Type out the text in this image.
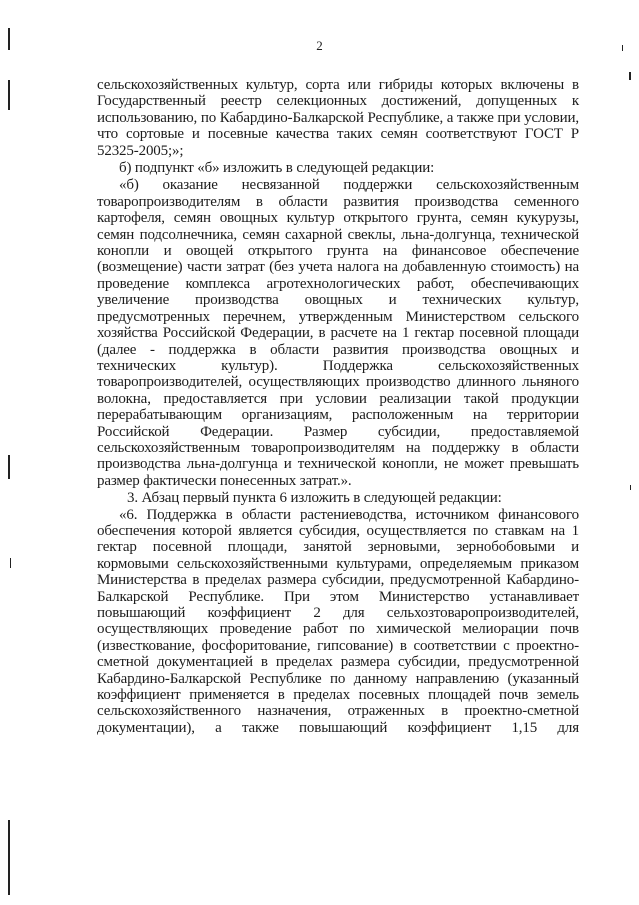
2

сельскохозяйственных культур, сорта или гибриды которых включены в Государственный реестр селекционных достижений, допущенных к использованию, по Кабардино-Балкарской Республике, а также при условии, что сортовые и посевные качества таких семян соответствуют ГОСТ Р 52325-2005;»;

б) подпункт «б» изложить в следующей редакции:

«б) оказание несвязанной поддержки сельскохозяйственным товаропроизводителям в области развития производства семенного картофеля, семян овощных культур открытого грунта, семян кукурузы, семян подсолнечника, семян сахарной свеклы, льна-долгунца, технической конопли и овощей открытого грунта на финансовое обеспечение (возмещение) части затрат (без учета налога на добавленную стоимость) на проведение комплекса агротехнологических работ, обеспечивающих увеличение производства овощных и технических культур, предусмотренных перечнем, утвержденным Министерством сельского хозяйства Российской Федерации, в расчете на 1 гектар посевной площади (далее - поддержка в области развития производства овощных и технических культур). Поддержка сельскохозяйственных товаропроизводителей, осуществляющих производство длинного льняного волокна, предоставляется при условии реализации такой продукции перерабатывающим организациям, расположенным на территории Российской Федерации. Размер субсидии, предоставляемой сельскохозяйственным товаропроизводителям на поддержку в области производства льна-долгунца и технической конопли, не может превышать размер фактически понесенных затрат.».

3. Абзац первый пункта 6 изложить в следующей редакции:

«6. Поддержка в области растениеводства, источником финансового обеспечения которой является субсидия, осуществляется по ставкам на 1 гектар посевной площади, занятой зерновыми, зернобобовыми и кормовыми сельскохозяйственными культурами, определяемым приказом Министерства в пределах размера субсидии, предусмотренной Кабардино-Балкарской Республике. При этом Министерство устанавливает повышающий коэффициент 2 для сельхозтоваропроизводителей, осуществляющих проведение работ по химической мелиорации почв (известкование, фосфоритование, гипсование) в соответствии с проектно-сметной документацией в пределах размера субсидии, предусмотренной Кабардино-Балкарской Республике по данному направлению (указанный коэффициент применяется в пределах посевных площадей почв земель сельскохозяйственного назначения, отраженных в проектно-сметной документации), а также повышающий коэффициент 1,15 для
